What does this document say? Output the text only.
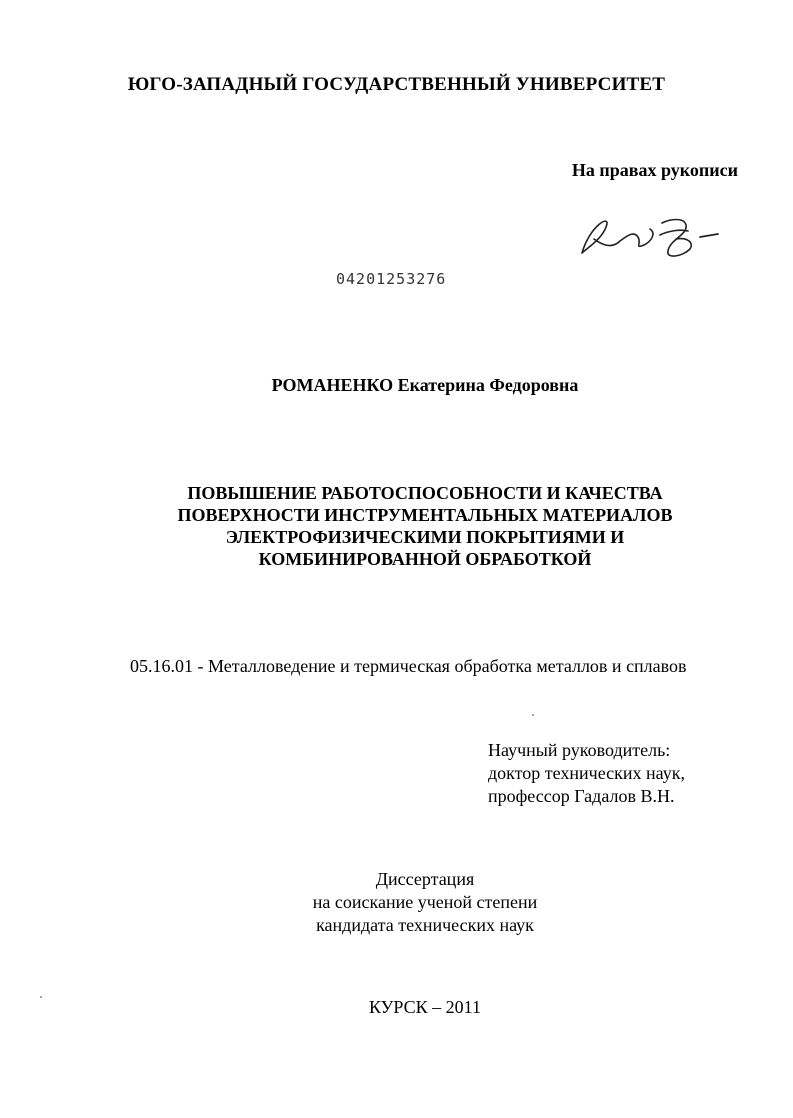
ЮГО-ЗАПАДНЫЙ ГОСУДАРСТВЕННЫЙ УНИВЕРСИТЕТ
На правах рукописи
04201253276
РОМАНЕНКО Екатерина Федоровна
ПОВЫШЕНИЕ РАБОТОСПОСОБНОСТИ И КАЧЕСТВА
ПОВЕРХНОСТИ ИНСТРУМЕНТАЛЬНЫХ МАТЕРИАЛОВ
ЭЛЕКТРОФИЗИЧЕСКИМИ ПОКРЫТИЯМИ И
КОМБИНИРОВАННОЙ ОБРАБОТКОЙ
05.16.01 - Металловедение и термическая обработка металлов и сплавов
Научный руководитель:
доктор технических наук,
профессор Гадалов В.Н.
Диссертация
на соискание ученой степени
кандидата технических наук
КУРСК – 2011
